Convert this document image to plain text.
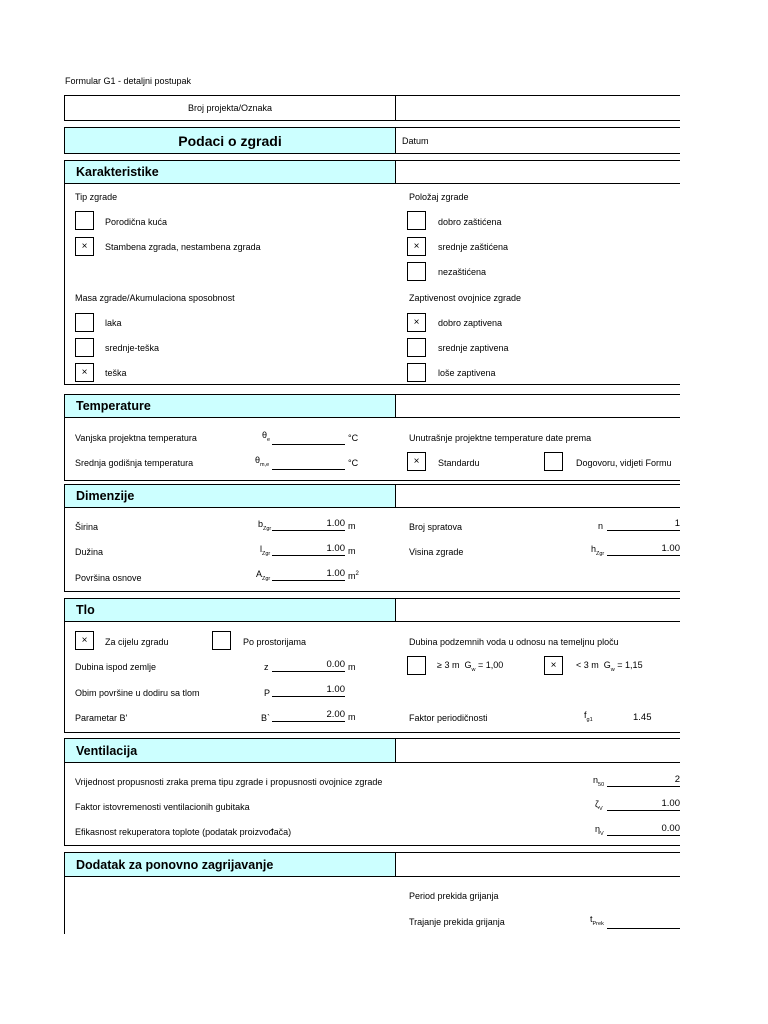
Formular G1 - detaljni postupak
Broj projekta/Oznaka
Podaci o zgradi	Datum
Karakteristike
Tip zgrade
Porodična kuća
×	Stambena zgrada, nestambena zgrada
Položaj zgrade
dobro zaštićena
×	srednje zaštićena
nezaštićena
Masa zgrade/Akumulaciona sposobnost
laka
srednje-teška
×	teška
Zaptivenost ovojnice zgrade
×	dobro zaptivena
srednje zaptivena
loše zaptivena
Temperature
Vanjska projektna temperatura	$\theta_e$	°C
Srednja godišnja temperatura	$\theta_{m,e}$	°C
Unutrašnje projektne temperature date prema
×	Standardu	Dogovoru, vidjeti Formu
Dimenzije
Širina	$b_{Zgr}$	1.00 m
Dužina	$l_{Zgr}$	1.00 m
Površina osnove	$A_{Zgr}$	1.00 $m^2$
Broj spratova	n	1
Visina zgrade	$h_{Zgr}$	1.00
Tlo
×	Za cijelu zgradu	Po prostorijama
Dubina ispod zemlje	z	0.00 m
Obim površine u dodiru sa tlom	P	1.00
Parametar B'	B`	2.00 m
Dubina podzemnih voda u odnosu na temeljnu ploču
≥ 3 m $G_w = 1,00$	×	< 3 m $G_w = 1,15$
Faktor periodičnosti	$f_{g1}$	1.45
Ventilacija
Vrijednost propusnosti zraka prema tipu zgrade i propusnosti ovojnice zgrade	$n_{50}$	2
Faktor istovremenosti ventilacionih gubitaka	$\zeta_V$	1.00
Efikasnost rekuperatora toplote (podatak proizvođača)	$\eta_V$	0.00
Dodatak za ponovno zagrijavanje
Period prekida grijanja
Trajanje prekida grijanja	$t_{Prek}$
